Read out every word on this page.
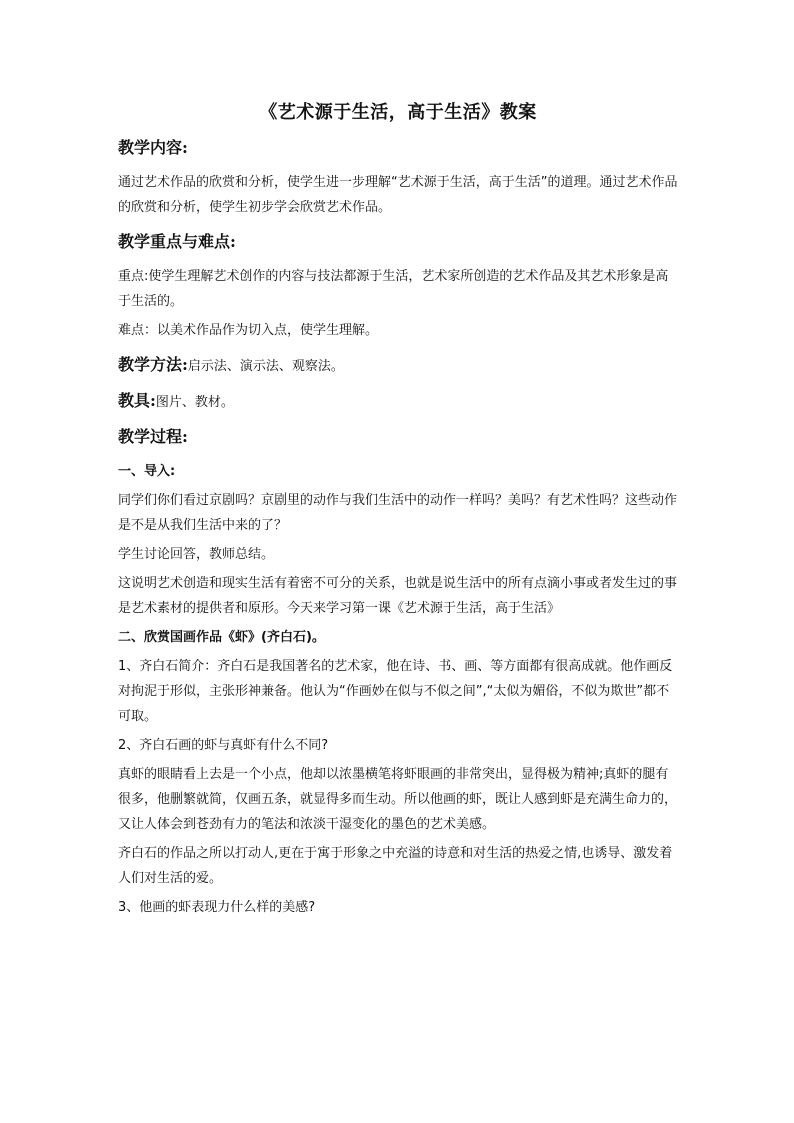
《艺术源于生活，高于生活》教案
教学内容:
通过艺术作品的欣赏和分析，使学生进一步理解“艺术源于生活，高于生活”的道理。通过艺术作品的欣赏和分析，使学生初步学会欣赏艺术作品。
教学重点与难点:
重点:使学生理解艺术创作的内容与技法都源于生活，艺术家所创造的艺术作品及其艺术形象是高于生活的。
难点：以美术作品作为切入点，使学生理解。
教学方法:启示法、演示法、观察法。
教具:图片、教材。
教学过程:
一、导入:
同学们你们看过京剧吗？京剧里的动作与我们生活中的动作一样吗？美吗？有艺术性吗？这些动作是不是从我们生活中来的了？
学生讨论回答，教师总结。
这说明艺术创造和现实生活有着密不可分的关系，也就是说生活中的所有点滴小事或者发生过的事是艺术素材的提供者和原形。今天来学习第一课《艺术源于生活，高于生活》
二、欣赏国画作品《虾》(齐白石)。
1、齐白石简介：齐白石是我国著名的艺术家，他在诗、书、画、等方面都有很高成就。他作画反对拘泥于形似，主张形神兼备。他认为“作画妙在似与不似之间”,“太似为媚俗，不似为欺世”都不可取。
2、齐白石画的虾与真虾有什么不同?
真虾的眼睛看上去是一个小点，他却以浓墨横笔将虾眼画的非常突出，显得极为精神;真虾的腿有很多，他删繁就简，仅画五条，就显得多而生动。所以他画的虾，既让人感到虾是充满生命力的，又让人体会到苍劲有力的笔法和浓淡干湿变化的墨色的艺术美感。
齐白石的作品之所以打动人,更在于寓于形象之中充溢的诗意和对生活的热爱之情,也诱导、激发着人们对生活的爱。
3、他画的虾表现力什么样的美感?
